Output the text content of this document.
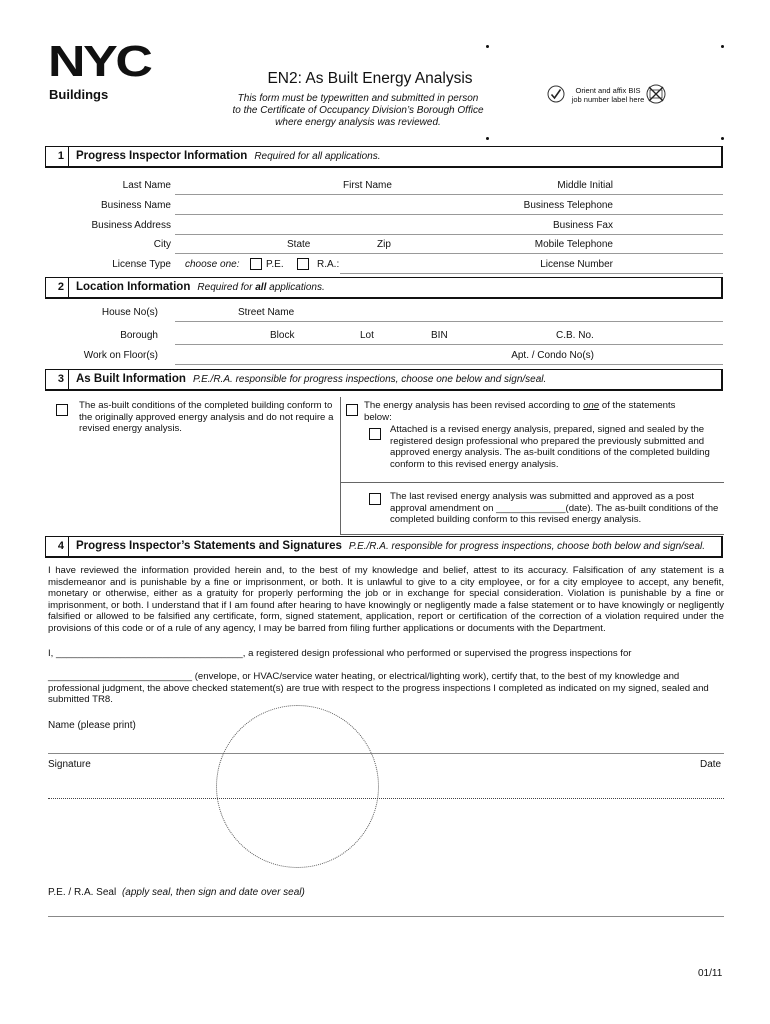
NYC
Buildings
EN2: As Built Energy Analysis
This form must be typewritten and submitted in person
to the Certificate of Occupancy Division’s Borough Office
where energy analysis was reviewed.
Orient and affix BIS
job number label here
1	Progress Inspector Information Required for all applications.
Last Name	First Name	Middle Initial
Business Name	Business Telephone
Business Address	Business Fax
City	State	Zip	Mobile Telephone
License Type choose one:	P.E.	R.A.:	License Number
2	Location Information Required for all applications.
House No(s)	Street Name
Borough	Block	Lot	BIN	C.B. No.
Work on Floor(s)	Apt. / Condo No(s)
3	As Built Information P.E./R.A. responsible for progress inspections, choose one below and sign/seal.
The as-built conditions of the completed building conform to the originally approved energy analysis and do not require a revised energy analysis.
The energy analysis has been revised according to one of the statements below:
Attached is a revised energy analysis, prepared, signed and sealed by the registered design professional who prepared the previously submitted and approved energy analysis. The as-built conditions of the completed building conform to this revised energy analysis.
The last revised energy analysis was submitted and approved as a post approval amendment on _____________(date). The as-built conditions of the completed building conform to this revised energy analysis.
4	Progress Inspector’s Statements and Signatures P.E./R.A. responsible for progress inspections, choose both below and sign/seal.
I have reviewed the information provided herein and, to the best of my knowledge and belief, attest to its accuracy. Falsification of any statement is a misdemeanor and is punishable by a fine or imprisonment, or both. It is unlawful to give to a city employee, or for a city employee to accept, any benefit, monetary or otherwise, either as a gratuity for properly performing the job or in exchange for special consideration. Violation is punishable by a fine or imprisonment, or both. I understand that if I am found after hearing to have knowingly or negligently made a false statement or to have knowingly or negligently falsified or allowed to be falsified any certificate, form, signed statement, application, report or certification of the correction of a violation required under the provisions of this code or of a rule of any agency, I may be barred from filing further applications or documents with the Department.
I, ___________________________________, a registered design professional who performed or supervised the progress inspections for
___________________________ (envelope, or HVAC/service water heating, or electrical/lighting work), certify that, to the best of my knowledge and professional judgment, the above checked statement(s) are true with respect to the progress inspections I completed as indicated on my signed, sealed and submitted TR8.
Name (please print)
Signature	Date
P.E. / R.A. Seal (apply seal, then sign and date over seal)
01/11
